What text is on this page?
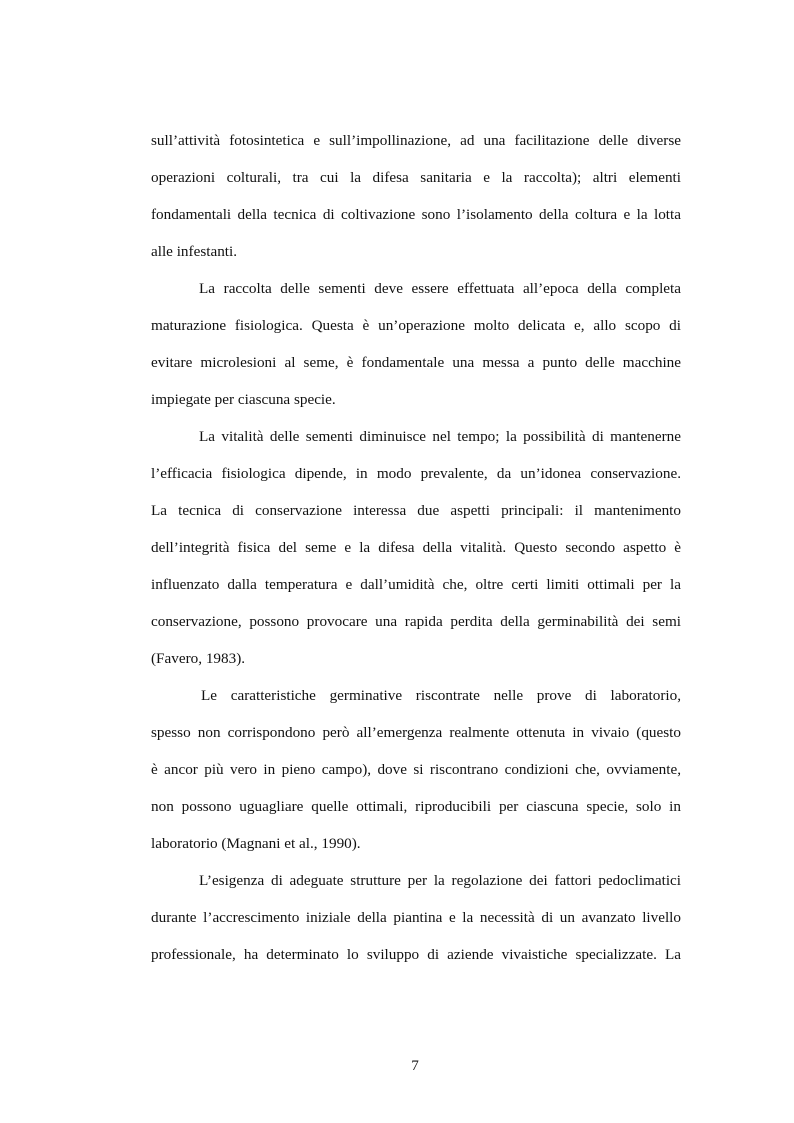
sull’attività fotosintetica e sull’impollinazione, ad una facilitazione delle diverse
operazioni colturali, tra cui la difesa sanitaria e la raccolta); altri elementi
fondamentali della tecnica di coltivazione sono l’isolamento della coltura e la lotta
alle infestanti.
La raccolta delle sementi deve essere effettuata all’epoca della completa
maturazione fisiologica. Questa è un’operazione molto delicata e, allo scopo di
evitare microlesioni al seme, è fondamentale una messa a punto delle macchine
impiegate per ciascuna specie.
La vitalità delle sementi diminuisce nel tempo; la possibilità di mantenerne
l’efficacia fisiologica dipende, in modo prevalente, da un’idonea conservazione.
La tecnica di conservazione interessa due aspetti principali: il mantenimento
dell’integrità fisica del seme e la difesa della vitalità. Questo secondo aspetto è
influenzato dalla temperatura e dall’umidità che, oltre certi limiti ottimali per la
conservazione, possono provocare una rapida perdita della germinabilità dei semi
(Favero, 1983).
Le caratteristiche germinative riscontrate nelle prove di laboratorio,
spesso non corrispondono però all’emergenza realmente ottenuta in vivaio (questo
è ancor più vero in pieno campo), dove si riscontrano condizioni che, ovviamente,
non possono uguagliare quelle ottimali, riproducibili per ciascuna specie, solo in
laboratorio (Magnani et al., 1990).
L’esigenza di adeguate strutture per la regolazione dei fattori pedoclimatici
durante l’accrescimento iniziale della piantina e la necessità di un avanzato livello
professionale, ha determinato lo sviluppo di aziende vivaistiche specializzate. La
7
